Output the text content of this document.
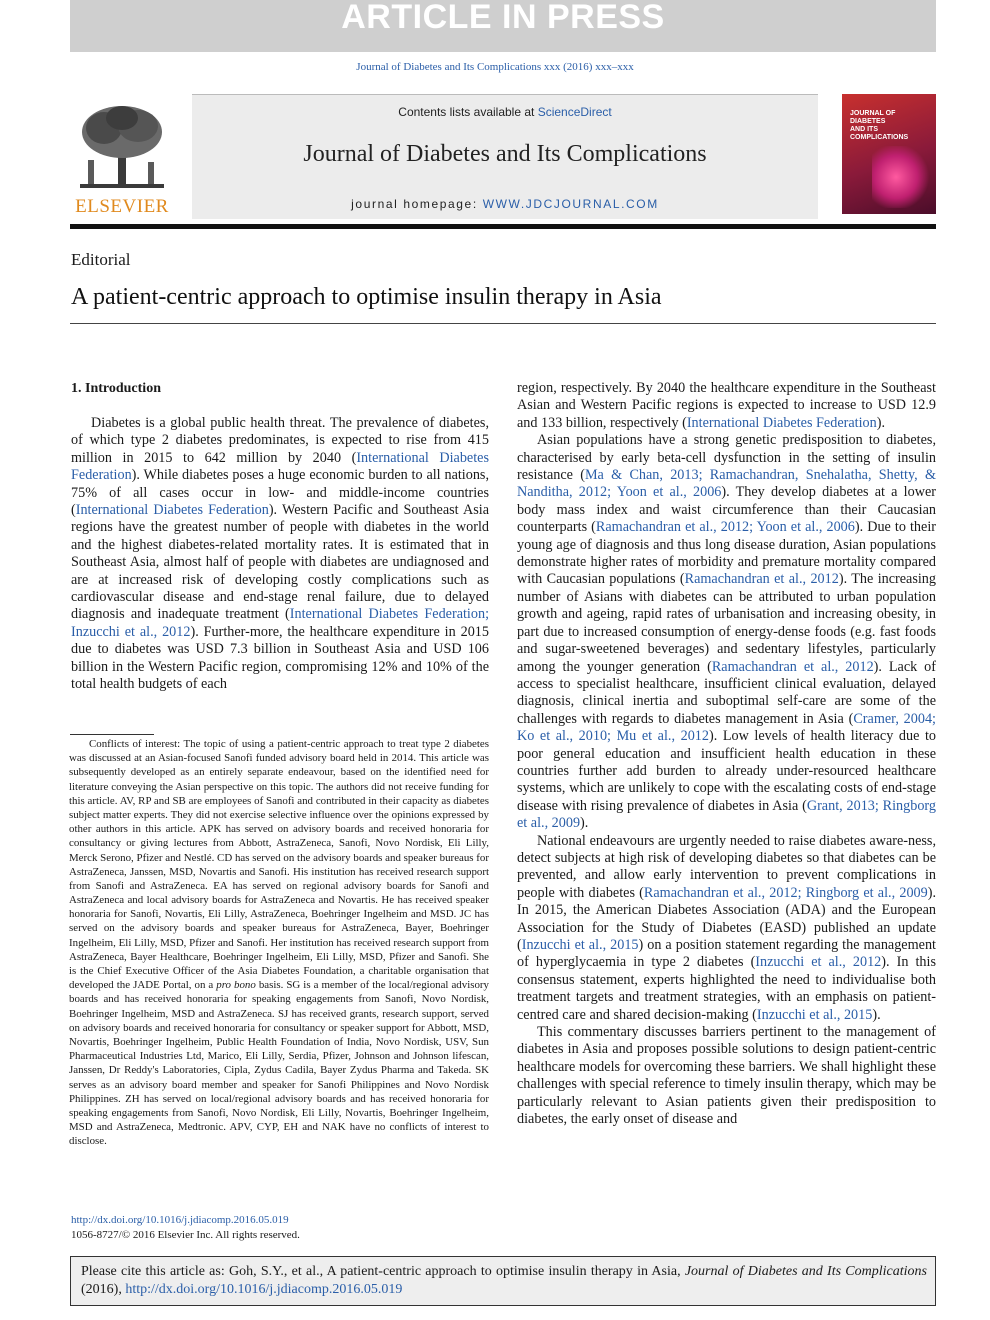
ARTICLE IN PRESS
Journal of Diabetes and Its Complications xxx (2016) xxx–xxx
ELSEVIER
Contents lists available at ScienceDirect
Journal of Diabetes and Its Complications
journal homepage: WWW.JDCJOURNAL.COM
JOURNAL OF
DIABETES
AND ITS
COMPLICATIONS
Editorial
A patient-centric approach to optimise insulin therapy in Asia
1. Introduction

Diabetes is a global public health threat. The prevalence of diabetes, of which type 2 diabetes predominates, is expected to rise from 415 million in 2015 to 642 million by 2040 (International Diabetes Federation). While diabetes poses a huge economic burden to all nations, 75% of all cases occur in low- and middle-income countries (International Diabetes Federation). Western Pacific and Southeast Asia regions have the greatest number of people with diabetes in the world and the highest diabetes-related mortality rates. It is estimated that in Southeast Asia, almost half of people with diabetes are undiagnosed and are at increased risk of developing costly complications such as cardiovascular disease and end-stage renal failure, due to delayed diagnosis and inadequate treatment (International Diabetes Federation; Inzucchi et al., 2012). Further-more, the healthcare expenditure in 2015 due to diabetes was USD 7.3 billion in Southeast Asia and USD 106 billion in the Western Pacific region, compromising 12% and 10% of the total health budgets of each

region, respectively. By 2040 the healthcare expenditure in the Southeast Asian and Western Pacific regions is expected to increase to USD 12.9 and 133 billion, respectively (International Diabetes Federation).

Asian populations have a strong genetic predisposition to diabetes, characterised by early beta-cell dysfunction in the setting of insulin resistance (Ma & Chan, 2013; Ramachandran, Snehalatha, Shetty, & Nanditha, 2012; Yoon et al., 2006). They develop diabetes at a lower body mass index and waist circumference than their Caucasian counterparts (Ramachandran et al., 2012; Yoon et al., 2006). Due to their young age of diagnosis and thus long disease duration, Asian populations demonstrate higher rates of morbidity and premature mortality compared with Caucasian populations (Ramachandran et al., 2012). The increasing number of Asians with diabetes can be attributed to urban population growth and ageing, rapid rates of urbanisation and increasing obesity, in part due to increased consumption of energy-dense foods (e.g. fast foods and sugar-sweetened beverages) and sedentary lifestyles, particularly among the younger generation (Ramachandran et al., 2012). Lack of access to specialist healthcare, insufficient clinical evaluation, delayed diagnosis, clinical inertia and suboptimal self-care are some of the challenges with regards to diabetes management in Asia (Cramer, 2004; Ko et al., 2010; Mu et al., 2012). Low levels of health literacy due to poor general education and insufficient health education in these countries further add burden to already under-resourced healthcare systems, which are unlikely to cope with the escalating costs of end-stage disease with rising prevalence of diabetes in Asia (Grant, 2013; Ringborg et al., 2009).

National endeavours are urgently needed to raise diabetes aware-ness, detect subjects at high risk of developing diabetes so that diabetes can be prevented, and allow early intervention to prevent complications in people with diabetes (Ramachandran et al., 2012; Ringborg et al., 2009). In 2015, the American Diabetes Association (ADA) and the European Association for the Study of Diabetes (EASD) published an update (Inzucchi et al., 2015) on a position statement regarding the management of hyperglycaemia in type 2 diabetes (Inzucchi et al., 2012). In this consensus statement, experts highlighted the need to individualise both treatment targets and treatment strategies, with an emphasis on patient-centred care and shared decision-making (Inzucchi et al., 2015).

This commentary discusses barriers pertinent to the management of diabetes in Asia and proposes possible solutions to design patient-centric healthcare models for overcoming these barriers. We shall highlight these challenges with special reference to timely insulin therapy, which may be particularly relevant to Asian patients given their predisposition to diabetes, the early onset of disease and

Conflicts of interest: The topic of using a patient-centric approach to treat type 2 diabetes was discussed at an Asian-focused Sanofi funded advisory board held in 2014. This article was subsequently developed as an entirely separate endeavour, based on the identified need for literature conveying the Asian perspective on this topic. The authors did not receive funding for this article. AV, RP and SB are employees of Sanofi and contributed in their capacity as diabetes subject matter experts. They did not exercise selective influence over the opinions expressed by other authors in this article. APK has served on advisory boards and received honoraria for consultancy or giving lectures from Abbott, AstraZeneca, Sanofi, Novo Nordisk, Eli Lilly, Merck Serono, Pfizer and Nestlé. CD has served on the advisory boards and speaker bureaus for AstraZeneca, Janssen, MSD, Novartis and Sanofi. His institution has received research support from Sanofi and AstraZeneca. EA has served on regional advisory boards for Sanofi and AstraZeneca and local advisory boards for AstraZeneca and Novartis. He has received speaker honoraria for Sanofi, Novartis, Eli Lilly, AstraZeneca, Boehringer Ingelheim and MSD. JC has served on the advisory boards and speaker bureaus for AstraZeneca, Bayer, Boehringer Ingelheim, Eli Lilly, MSD, Pfizer and Sanofi. Her institution has received research support from AstraZeneca, Bayer Healthcare, Boehringer Ingelheim, Eli Lilly, MSD, Pfizer and Sanofi. She is the Chief Executive Officer of the Asia Diabetes Foundation, a charitable organisation that developed the JADE Portal, on a pro bono basis. SG is a member of the local/regional advisory boards and has received honoraria for speaking engagements from Sanofi, Novo Nordisk, Boehringer Ingelheim, MSD and AstraZeneca. SJ has received grants, research support, served on advisory boards and received honoraria for consultancy or speaker support for Abbott, MSD, Novartis, Boehringer Ingelheim, Public Health Foundation of India, Novo Nordisk, USV, Sun Pharmaceutical Industries Ltd, Marico, Eli Lilly, Serdia, Pfizer, Johnson and Johnson lifescan, Janssen, Dr Reddy's Laboratories, Cipla, Zydus Cadila, Bayer Zydus Pharma and Takeda. SK serves as an advisory board member and speaker for Sanofi Philippines and Novo Nordisk Philippines. ZH has served on local/regional advisory boards and has received honoraria for speaking engagements from Sanofi, Novo Nordisk, Eli Lilly, Novartis, Boehringer Ingelheim, MSD and AstraZeneca, Medtronic. APV, CYP, EH and NAK have no conflicts of interest to disclose.

http://dx.doi.org/10.1016/j.jdiacomp.2016.05.019
1056-8727/© 2016 Elsevier Inc. All rights reserved.
Please cite this article as: Goh, S.Y., et al., A patient-centric approach to optimise insulin therapy in Asia, Journal of Diabetes and Its Complications (2016), http://dx.doi.org/10.1016/j.jdiacomp.2016.05.019
